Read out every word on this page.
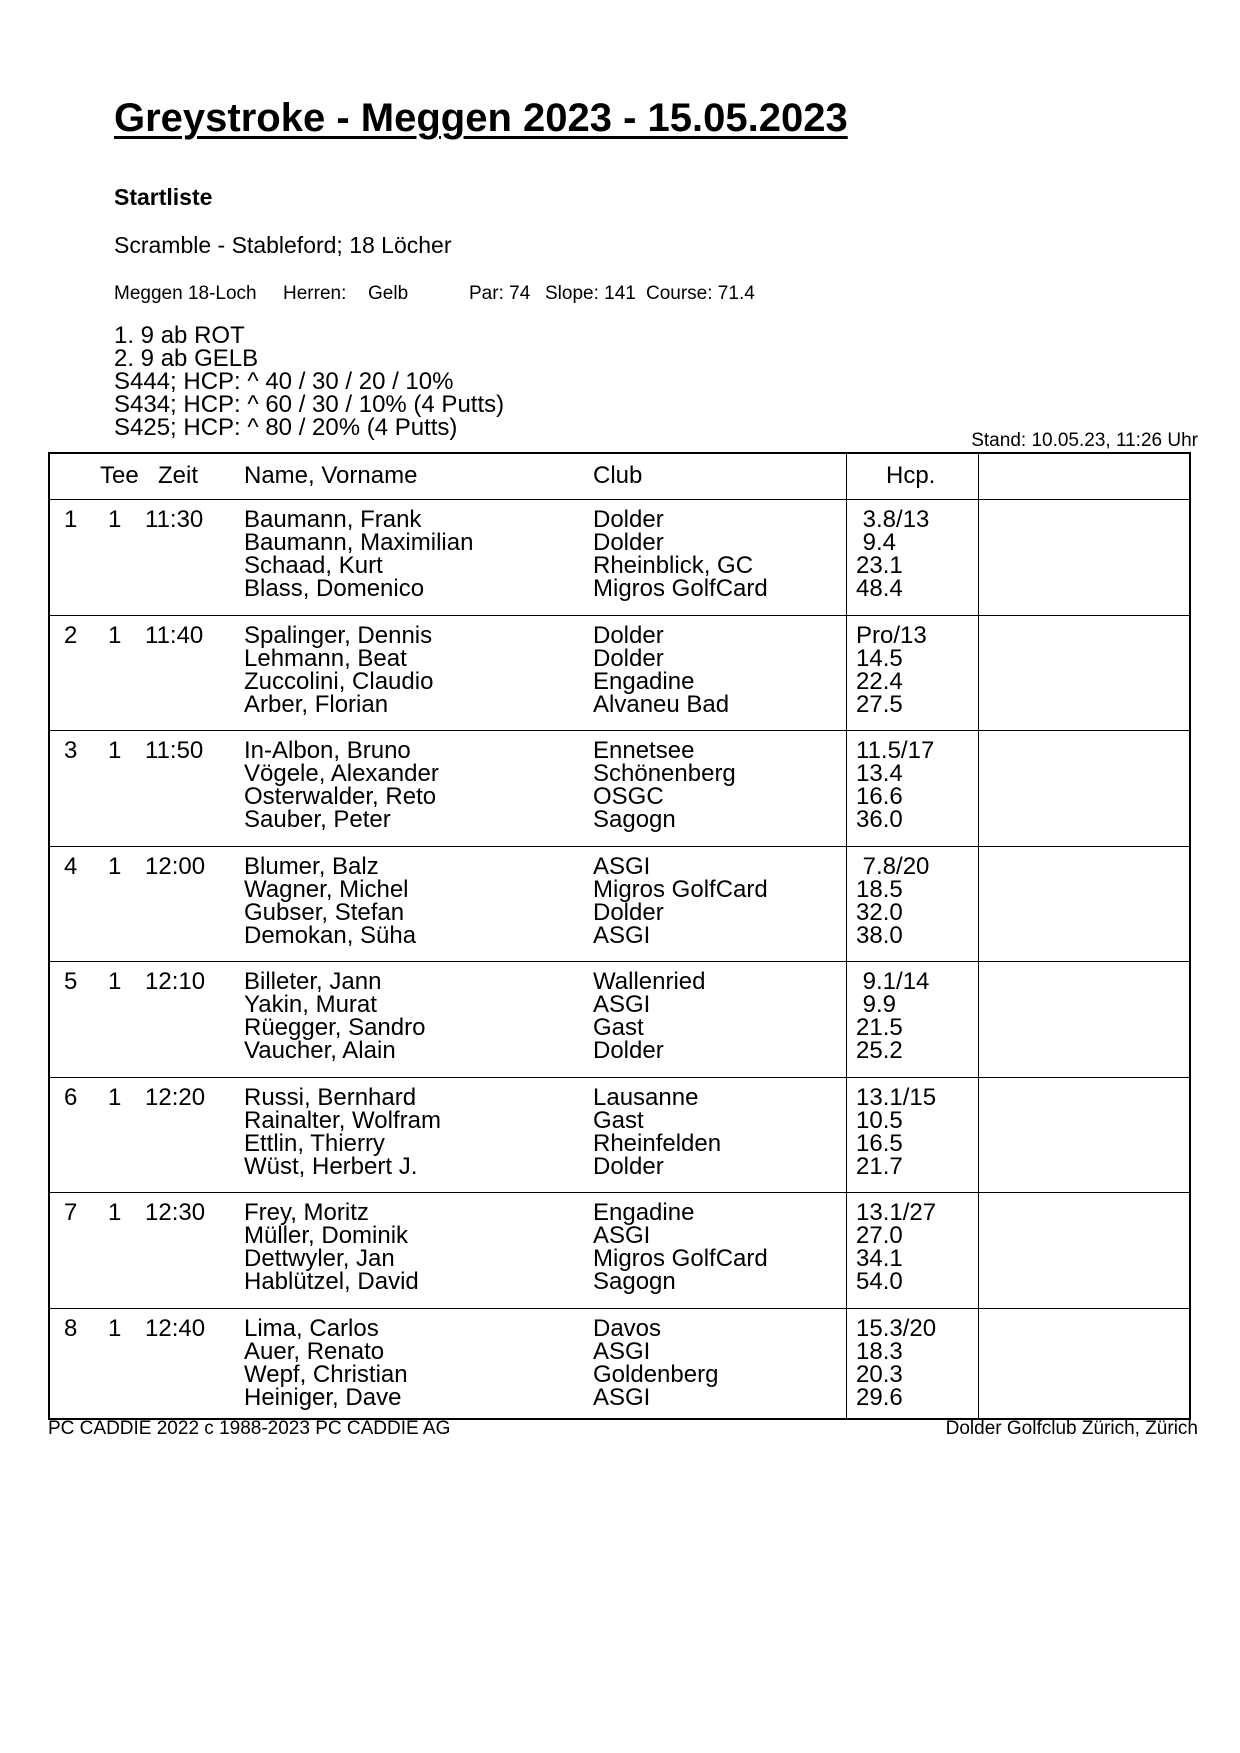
Greystroke - Meggen 2023 - 15.05.2023
Startliste
Scramble - Stableford; 18 Löcher
Meggen 18-Loch Herren: Gelb	Par: 74 Slope: 141 Course: 71.4
1. 9 ab ROT
2. 9 ab GELB
S444; HCP: ^ 40 / 30 / 20 / 10%
S434; HCP: ^ 60 / 30 / 10% (4 Putts)
S425; HCP: ^ 80 / 20% (4 Putts)	Stand: 10.05.23, 11:26 Uhr
Tee Zeit Name, Vorname	Club	Hcp.
1 1 11:30 Baumann, Frank	Dolder	3.8/13
Baumann, Maximilian	Dolder	9.4
Schaad, Kurt	Rheinblick, GC	23.1
Blass, Domenico	Migros GolfCard	48.4
2 1 11:40 Spalinger, Dennis	Dolder	Pro/13
Lehmann, Beat	Dolder	14.5
Zuccolini, Claudio	Engadine	22.4
Arber, Florian	Alvaneu Bad	27.5
3 1 11:50 In-Albon, Bruno	Ennetsee	11.5/17
Vögele, Alexander	Schönenberg	13.4
Osterwalder, Reto	OSGC	16.6
Sauber, Peter	Sagogn	36.0
4 1 12:00 Blumer, Balz	ASGI	7.8/20
Wagner, Michel	Migros GolfCard	18.5
Gubser, Stefan	Dolder	32.0
Demokan, Süha	ASGI	38.0
5 1 12:10 Billeter, Jann	Wallenried	9.1/14
Yakin, Murat	ASGI	9.9
Rüegger, Sandro	Gast	21.5
Vaucher, Alain	Dolder	25.2
6 1 12:20 Russi, Bernhard	Lausanne	13.1/15
Rainalter, Wolfram	Gast	10.5
Ettlin, Thierry	Rheinfelden	16.5
Wüst, Herbert J.	Dolder	21.7
7 1 12:30 Frey, Moritz	Engadine	13.1/27
Müller, Dominik	ASGI	27.0
Dettwyler, Jan	Migros GolfCard	34.1
Hablützel, David	Sagogn	54.0
8 1 12:40 Lima, Carlos	Davos	15.3/20
Auer, Renato	ASGI	18.3
Wepf, Christian	Goldenberg	20.3
Heiniger, Dave	ASGI	29.6
PC CADDIE 2022 c 1988-2023 PC CADDIE AG	Dolder Golfclub Zürich, Zürich
